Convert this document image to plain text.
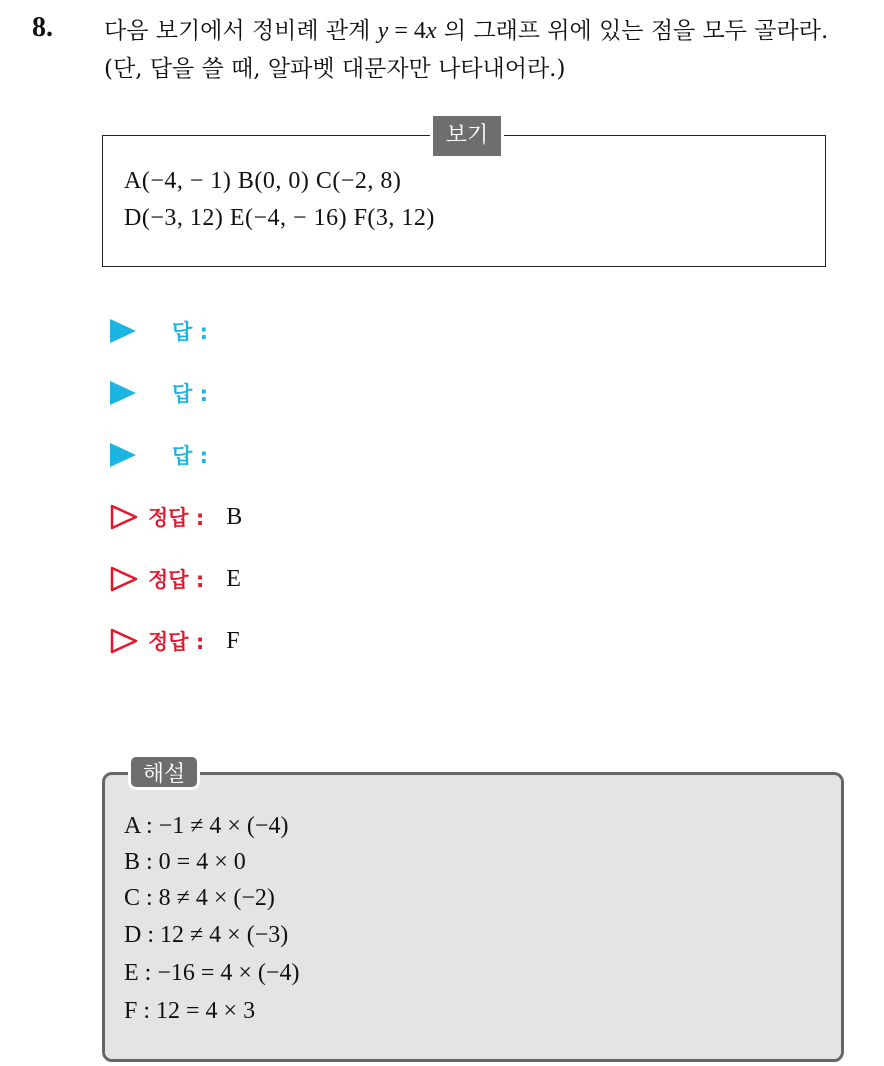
8. 다음 보기에서 정비례 관계 y = 4x 의 그래프 위에 있는 점을 모두 골라라. (단, 답을 쓸 때, 알파벳 대문자만 나타내어라.)
보기
A(−4, − 1) B(0, 0) C(−2, 8)
D(−3, 12) E(−4, − 16) F(3, 12)
답 :
답 :
답 :
정답 : B
정답 : E
정답 : F
해설
A : −1 ≠ 4 × (−4)
B : 0 = 4 × 0
C : 8 ≠ 4 × (−2)
D : 12 ≠ 4 × (−3)
E : −16 = 4 × (−4)
F : 12 = 4 × 3
